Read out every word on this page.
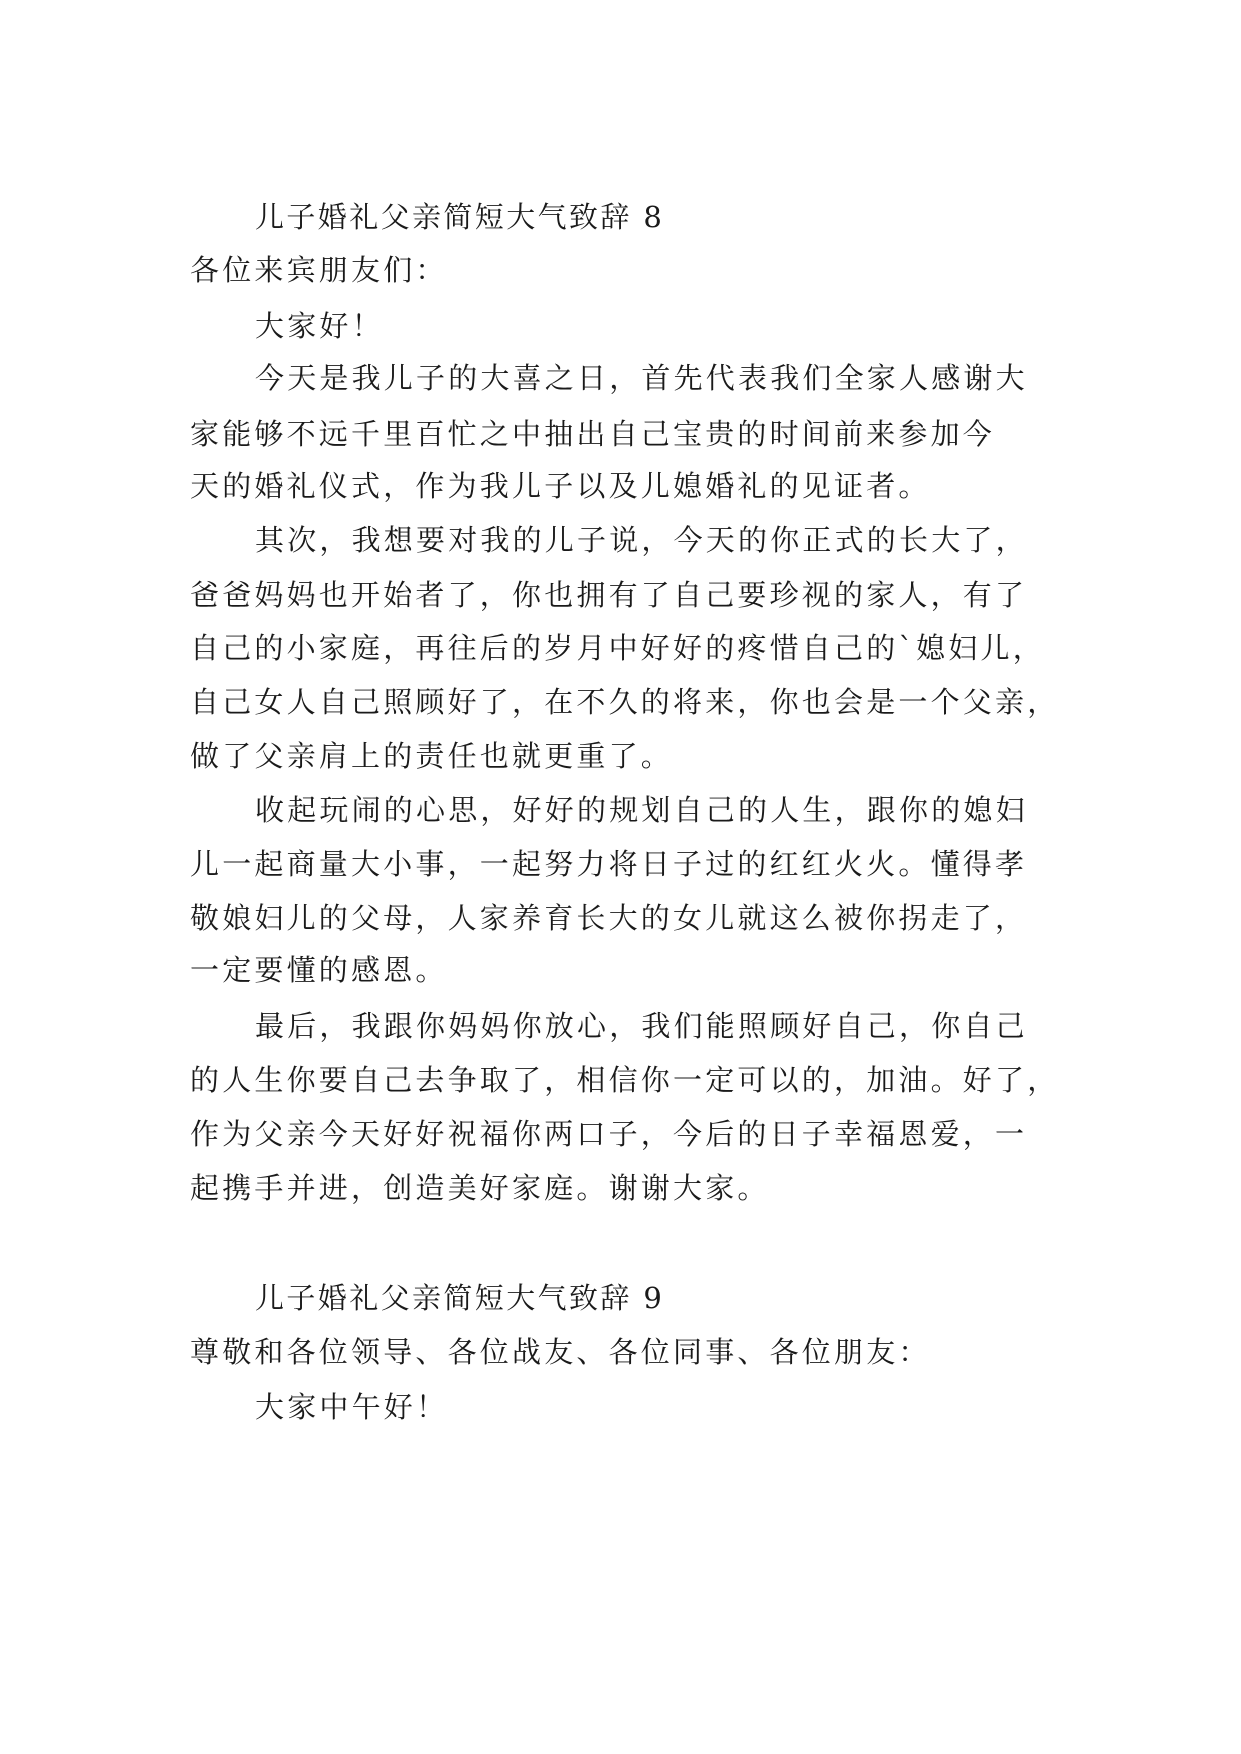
儿子婚礼父亲简短大气致辞 8
各位来宾朋友们：
大家好！
今天是我儿子的大喜之日，首先代表我们全家人感谢大
家能够不远千里百忙之中抽出自己宝贵的时间前来参加今
天的婚礼仪式，作为我儿子以及儿媳婚礼的见证者。
其次，我想要对我的儿子说，今天的你正式的长大了，
爸爸妈妈也开始者了，你也拥有了自己要珍视的家人，有了
自己的小家庭，再往后的岁月中好好的疼惜自己的`媳妇儿，
自己女人自己照顾好了，在不久的将来，你也会是一个父亲，
做了父亲肩上的责任也就更重了。
收起玩闹的心思，好好的规划自己的人生，跟你的媳妇
儿一起商量大小事，一起努力将日子过的红红火火。懂得孝
敬娘妇儿的父母，人家养育长大的女儿就这么被你拐走了，
一定要懂的感恩。
最后，我跟你妈妈你放心，我们能照顾好自己，你自己
的人生你要自己去争取了，相信你一定可以的，加油。好了，
作为父亲今天好好祝福你两口子，今后的日子幸福恩爱，一
起携手并进，创造美好家庭。谢谢大家。
儿子婚礼父亲简短大气致辞 9
尊敬和各位领导、各位战友、各位同事、各位朋友：
大家中午好！
